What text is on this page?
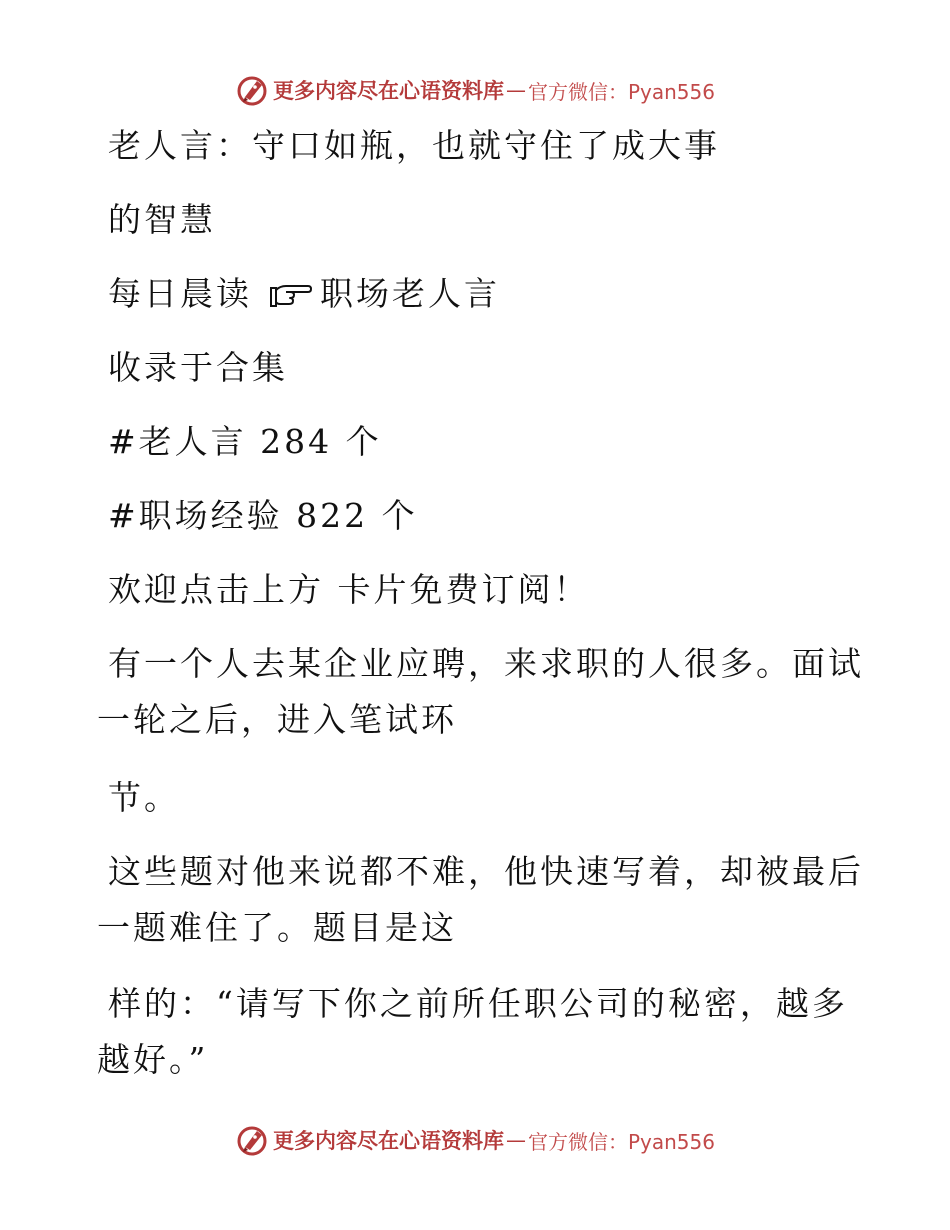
更多内容尽在心语资料库 — 官方微信：Pyan556
老人言：守口如瓶，也就守住了成大事
的智慧
每日晨读 职场老人言
收录于合集
#老人言 284 个
#职场经验 822 个
欢迎点击上方 卡片免费订阅！
有一个人去某企业应聘，来求职的人很多。面试
一轮之后，进入笔试环
节。
这些题对他来说都不难，他快速写着，却被最后
一题难住了。题目是这
样的：“请写下你之前所任职公司的秘密，越多
越好。”
更多内容尽在心语资料库 — 官方微信：Pyan556
